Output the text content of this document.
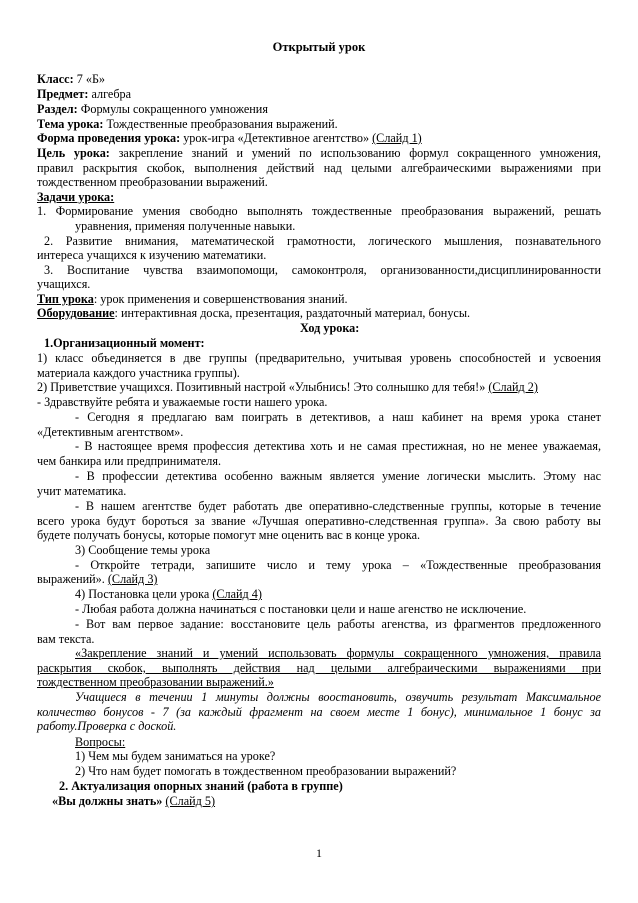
Открытый урок
Класс: 7 «Б»
Предмет: алгебра
Раздел: Формулы сокращенного умножения
Тема урока: Тождественные преобразования выражений.
Форма проведения урока: урок-игра «Детективное агентство» (Слайд 1)
Цель урока: закрепление знаний и умений по использованию формул сокращенного умножения,
правил раскрытия скобок, выполнения действий над целыми алгебраическими выражениями при
тождественном преобразовании выражений.
Задачи урока:
1. Формирование умения свободно выполнять тождественные преобразования выражений, решать
уравнения, применяя полученные навыки.
2. Развитие внимания, математической грамотности, логического мышления, познавательного
интереса учащихся к изучению математики.
3. Воспитание чувства взаимопомощи, самоконтроля, организованности,дисциплинированности
учащихся.
Тип урока: урок применения и совершенствования знаний.
Оборудование: интерактивная доска, презентация, раздаточный материал, бонусы.
Ход урока:
1.Организационный момент:
1) класс объединяется в две группы (предварительно, учитывая уровень способностей и усвоения
материала каждого участника группы).
2) Приветствие учащихся. Позитивный настрой «Улыбнись! Это солнышко для тебя!» (Слайд 2)
- Здравствуйте ребята и уважаемые гости нашего урока.
- Сегодня я предлагаю вам поиграть в детективов, а наш кабинет на время урока станет
«Детективным агентством».
- В настоящее время профессия детектива хоть и не самая престижная, но не менее уважаемая,
чем банкира или предпринимателя.
- В профессии детектива особенно важным является умение логически мыслить. Этому нас
учит математика.
- В нашем агентстве будет работать две оперативно-следственные группы, которые в течение
всего урока будут бороться за звание «Лучшая оперативно-следственная группа». За свою работу вы
будете получать бонусы, которые помогут мне оценить вас в конце урока.
3) Сообщение темы урока
- Откройте тетради, запишите число и тему урока – «Тождественные преобразования
выражений». (Слайд 3)
4) Постановка цели урока (Слайд 4)
- Любая работа должна начинаться с постановки цели и наше агенство не исключение.
- Вот вам первое задание: восстановите цель работы агенства, из фрагментов предложенного
вам текста.
«Закрепление знаний и умений использовать формулы сокращенного умножения, правила
раскрытия скобок, выполнять действия над целыми алгебраическими выражениями при
тождественном преобразовании выражений.»
Учащиеся в течении 1 минуты должны воостановить, озвучить результат Максимальное
количество бонусов - 7 (за каждый фрагмент на своем месте 1 бонус), минимальное 1 бонус за
работу.Проверка с доской.
Вопросы:
1) Чем мы будем заниматься на уроке?
2) Что нам будет помогать в тождественном преобразовании выражений?
2. Актуализация опорных знаний (работа в группе)
«Вы должны знать» (Слайд 5)
1
